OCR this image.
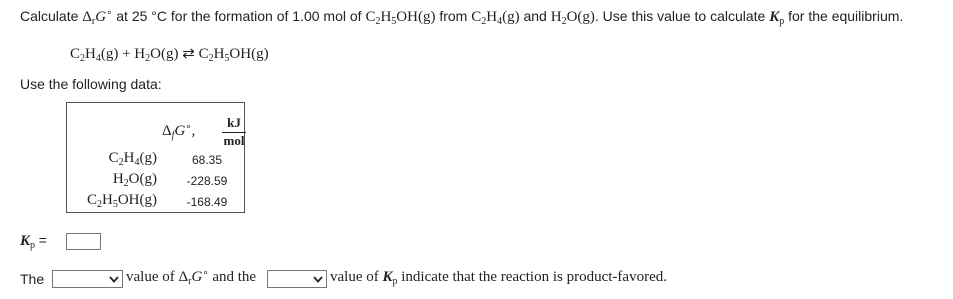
Calculate $\Delta_rG^\circ$ at 25 °C for the formation of 1.00 mol of $C_2H_5OH(g)$ from $C_2H_4(g)$ and $H_2O(g)$. Use this value to calculate $K_p$ for the equilibrium.
$C_2H_4(g) + H_2O(g)$ ⇄ $C_2H_5OH(g)$
Use the following data:
$\Delta_fG^\circ$,
kJ
mol
$C_2H_4(g)$	68.35
$H_2O(g)$	-228.59
$C_2H_5OH(g)$	-168.49
$K_p$ =
The	value of $\Delta_rG^\circ$ and the	value of $K_p$ indicate that the reaction is product-favored.
